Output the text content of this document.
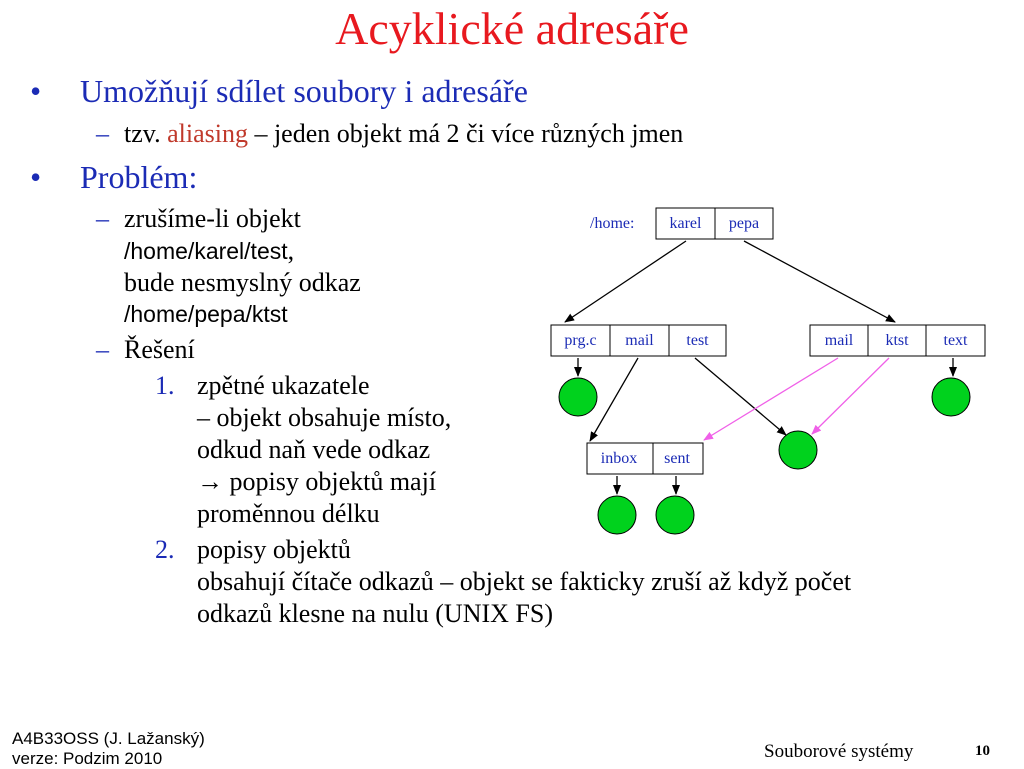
Acyklické adresáře
• Umožňují sdílet soubory i adresáře
– tzv. aliasing – jeden objekt má 2 či více různých jmen
• Problém:
– zrušíme-li objekt
/home/karel/test,
bude nesmyslný odkaz
/home/pepa/ktst
– Řešení
1. zpětné ukazatele
– objekt obsahuje místo,
odkud naň vede odkaz
→ popisy objektů mají
proměnnou délku
2. popisy objektů
obsahují čítače odkazů – objekt se fakticky zruší až když počet
odkazů klesne na nulu (UNIX FS)
/home: karel pepa
prg.c mail test	mail ktst text
inbox sent
A4B33OSS (J. Lažanský)
verze: Podzim 2010	Souborové systémy	10
